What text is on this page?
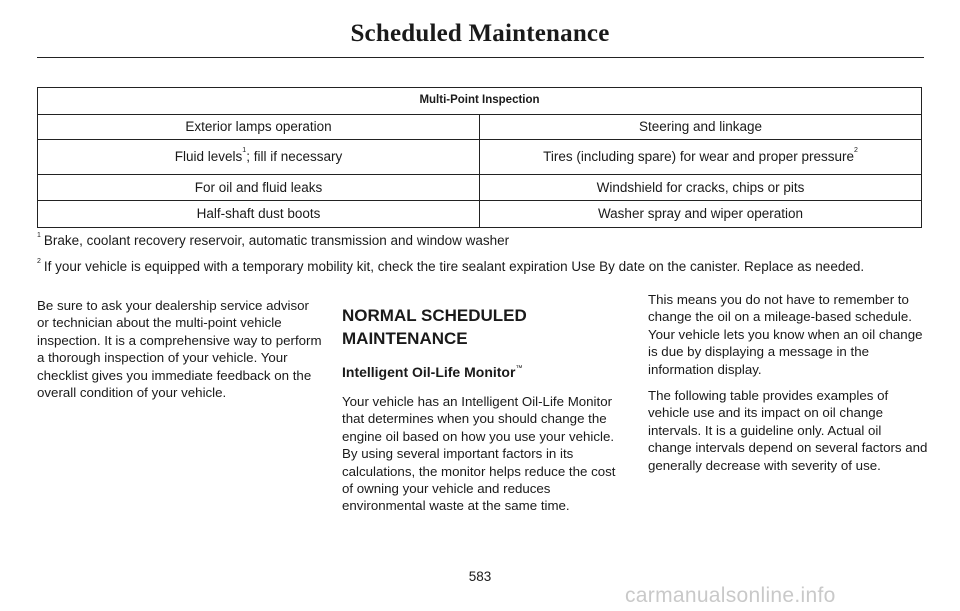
Scheduled Maintenance
Multi-Point Inspection	
Exterior lamps operation	Steering and linkage
Fluid levels$^1$; fill if necessary	Tires (including spare) for wear and proper pressure$^2$
For oil and fluid leaks	Windshield for cracks, chips or pits
Half-shaft dust boots	Washer spray and wiper operation
$^1$ Brake, coolant recovery reservoir, automatic transmission and window washer
$^2$ If your vehicle is equipped with a temporary mobility kit, check the tire sealant expiration Use By date on the canister. Replace as needed.

Be sure to ask your dealership service advisor or technician about the multi-point vehicle inspection. It is a comprehensive way to perform a thorough inspection of your vehicle. Your checklist gives you immediate feedback on the overall condition of your vehicle.

NORMAL SCHEDULED
MAINTENANCE
Intelligent Oil-Life Monitor™

Your vehicle has an Intelligent Oil-Life Monitor that determines when you should change the engine oil based on how you use your vehicle. By using several important factors in its calculations, the monitor helps reduce the cost of owning your vehicle and reduces environmental waste at the same time.

This means you do not have to remember to change the oil on a mileage-based schedule. Your vehicle lets you know when an oil change is due by displaying a message in the information display.

The following table provides examples of vehicle use and its impact on oil change intervals. It is a guideline only. Actual oil change intervals depend on several factors and generally decrease with severity of use.

583
carmanualsonline.info
